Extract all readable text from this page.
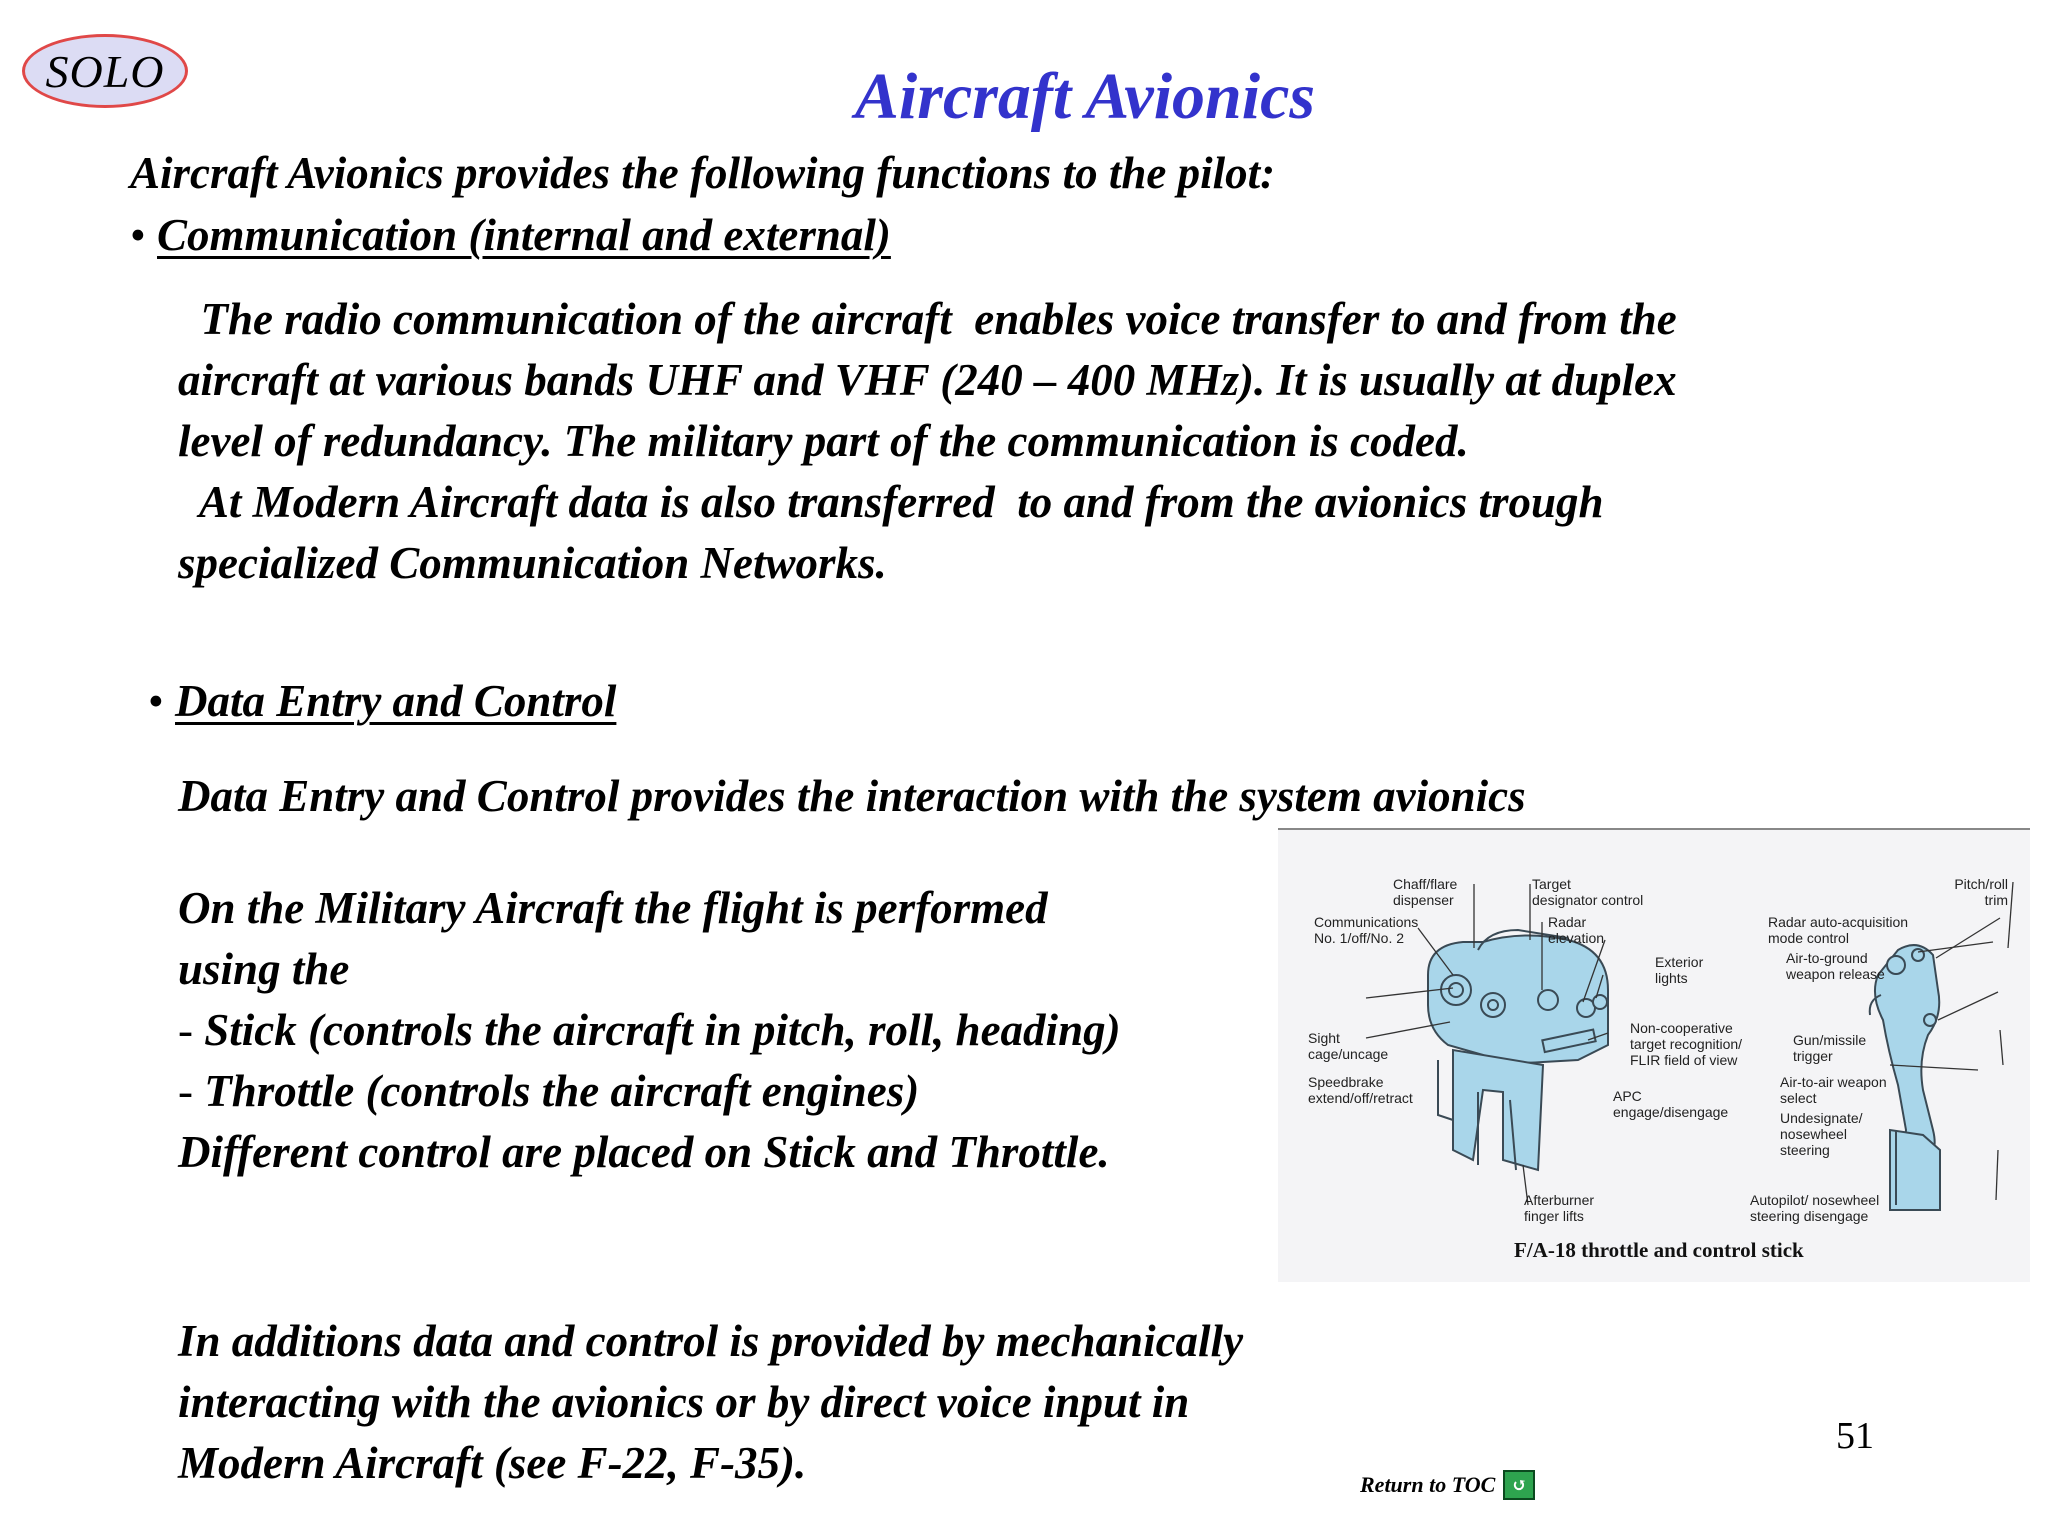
SOLO	Aircraft Avionics
Aircraft Avionics provides the following functions to the pilot:
• Communication (internal and external)
The radio communication of the aircraft  enables voice transfer to and from the
aircraft at various bands UHF and VHF (240 – 400 MHz). It is usually at duplex
level of redundancy. The military part of the communication is coded.
At Modern Aircraft data is also transferred  to and from the avionics trough
specialized Communication Networks.
• Data Entry and Control
Data Entry and Control provides the interaction with the system avionics
On the Military Aircraft the flight is performed
using the
- Stick (controls the aircraft in pitch, roll, heading)
- Throttle (controls the aircraft engines)
Different control are placed on Stick and Throttle.
In additions data and control is provided by mechanically
interacting with the avionics or by direct voice input in
Modern Aircraft (see F-22, F-35).
51
Return to TOC ↺
Chaff/flare
dispenser
Target
designator control
Pitch/roll
trim
Communications
No. 1/off/No. 2
Radar
elevation
Radar auto-acquisition
mode control
Exterior
lights
Air-to-ground
weapon release
Sight
cage/uncage
Non-cooperative
target recognition/
FLIR field of view
Gun/missile
trigger
Speedbrake
extend/off/retract	APC
engage/disengage
Air-to-air weapon
select
Undesignate/
nosewheel
steering
Afterburner
finger lifts
Autopilot/ nosewheel
steering disengage
F/A-18 throttle and control stick
